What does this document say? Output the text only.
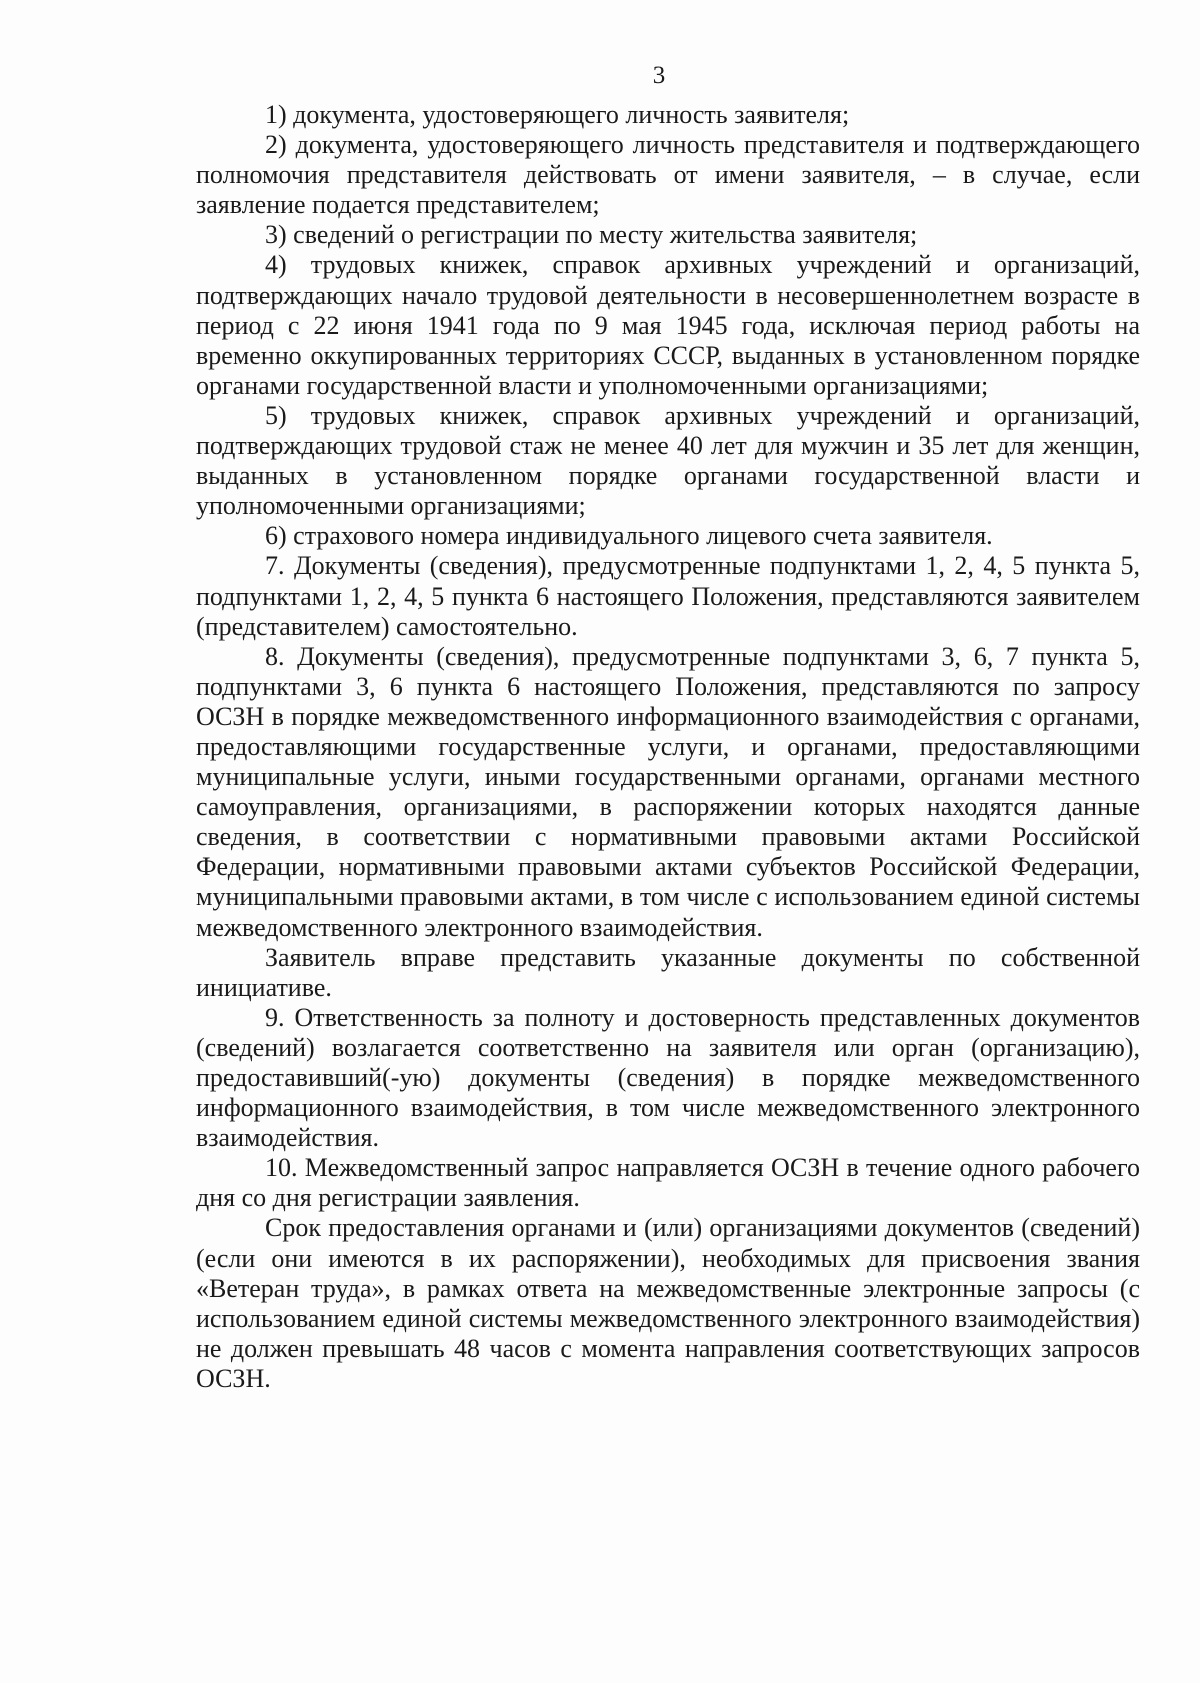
3

1) документа, удостоверяющего личность заявителя;

2) документа, удостоверяющего личность представителя и подтверждающего полномочия представителя действовать от имени заявителя, – в случае, если заявление подается представителем;

3) сведений о регистрации по месту жительства заявителя;

4) трудовых книжек, справок архивных учреждений и организаций, подтверждающих начало трудовой деятельности в несовершеннолетнем возрасте в период с 22 июня 1941 года по 9 мая 1945 года, исключая период работы на временно оккупированных территориях СССР, выданных в установленном порядке органами государственной власти и уполномоченными организациями;

5) трудовых книжек, справок архивных учреждений и организаций, подтверждающих трудовой стаж не менее 40 лет для мужчин и 35 лет для женщин, выданных в установленном порядке органами государственной власти и уполномоченными организациями;

6) страхового номера индивидуального лицевого счета заявителя.

7. Документы (сведения), предусмотренные подпунктами 1, 2, 4, 5 пункта 5, подпунктами 1, 2, 4, 5 пункта 6 настоящего Положения, представляются заявителем (представителем) самостоятельно.

8. Документы (сведения), предусмотренные подпунктами 3, 6, 7 пункта 5, подпунктами 3, 6 пункта 6 настоящего Положения, представляются по запросу ОСЗН в порядке межведомственного информационного взаимодействия с органами, предоставляющими государственные услуги, и органами, предоставляющими муниципальные услуги, иными государственными органами, органами местного самоуправления, организациями, в распоряжении которых находятся данные сведения, в соответствии с нормативными правовыми актами Российской Федерации, нормативными правовыми актами субъектов Российской Федерации, муниципальными правовыми актами, в том числе с использованием единой системы межведомственного электронного взаимодействия.

Заявитель вправе представить указанные документы по собственной инициативе.

9. Ответственность за полноту и достоверность представленных документов (сведений) возлагается соответственно на заявителя или орган (организацию), предоставивший(-ую) документы (сведения) в порядке межведомственного информационного взаимодействия, в том числе межведомственного электронного взаимодействия.

10. Межведомственный запрос направляется ОСЗН в течение одного рабочего дня со дня регистрации заявления.

Срок предоставления органами и (или) организациями документов (сведений) (если они имеются в их распоряжении), необходимых для присвоения звания «Ветеран труда», в рамках ответа на межведомственные электронные запросы (с использованием единой системы межведомственного электронного взаимодействия) не должен превышать 48 часов с момента направления соответствующих запросов ОСЗН.
